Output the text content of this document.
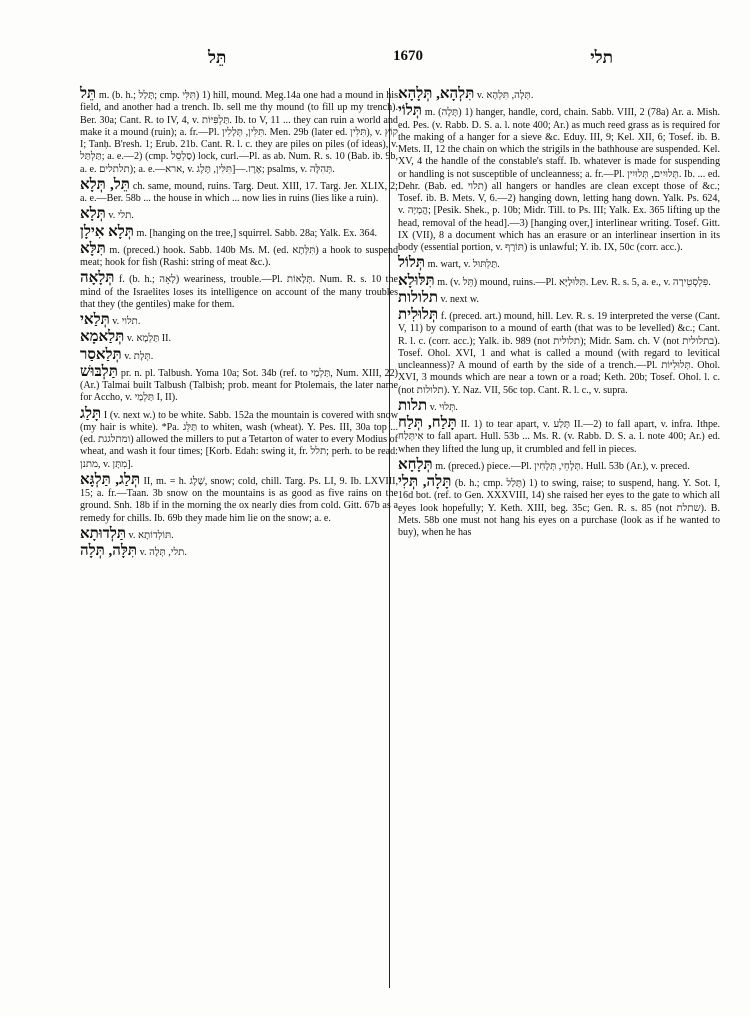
תֵּל	1670	תלי

תֵּל m. (b. h.; תָּלַל; cmp. תִּלִּי) 1) hill, mound. Meg.14a one had a mound in his field, and another had a trench. Ib. sell me thy mound (to fill up my trench). Ber. 30a; Cant. R. to IV, 4, v. תַּלְפִּיּוֹת. Ib. to V, 11 ... they can ruin a world and make it a mound (ruin); a. fr.—Pl. תִּלִּין, תְּלָלִין. Men. 29b (later ed. תִּלִּין), v. קוֹץ I; Tanḥ. B'resh. 1; Erub. 21b. Cant. R. l. c. they are piles on piles (of ideas), v. תַּלְתַּל; a. e.—2) (cmp. סַלְסֵל) lock, curl.—Pl. as ab. Num. R. s. 10 (Bab. ib. 9b, a. e. תלתלים); a. e.—ארא, v. אֶרֶז.—[תִּלִּין, תֶּלֶג; psalms, v. תְּהִלָּה.

תֵּל, תְּלָא ch. same, mound, ruins. Targ. Deut. XIII, 17. Targ. Jer. XLIX, 2; a. e.—Ber. 58b ... the house in which ... now lies in ruins (lies like a ruin).

תְּלָא v. תלי.

תְּלָא אִילָן m. [hanging on the tree,] squirrel. Sabb. 28a; Yalk. Ex. 364.

תִּלָּא m. (preced.) hook. Sabb. 140b Ms. M. (ed. תִּלְּתָא) a hook to suspend meat; hook for fish (Rashi: string of meat &c.).

תְּלָאָה f. (b. h.; לָאָה) weariness, trouble.—Pl. תְּלָאוֹת. Num. R. s. 10 the mind of the Israelites loses its intelligence on account of the many troubles that they (the gentiles) make for them.

תְּלַאי v. תלוי.

תְּלַאמָא v. תַּלְמָא II.

תְּלַאסַר v. תְּלָת.

תַּלְבּוּשׁ pr. n. pl. Talbush. Yoma 10a; Sot. 34b (ref. to תַּלְמַי, Num. XIII, 22) (Ar.) Talmai built Talbush (Talbish; prob. meant for Ptolemais, the later name for Accho, v. תַּלְמַי I, II).

תָּלַג I (v. next w.) to be white. Sabb. 152a the mountain is covered with snow (my hair is white). *Pa. תַּלֵּג to whiten, wash (wheat). Y. Pes. III, 30a top ... (ed. ומתלגגת) allowed the millers to put a Tetarton of water to every Modius of wheat, and wash it four times; [Korb. Edah: swing it, fr. תלל; perh. to be read: מתנן, v. מִתָּן].

תְּלַג, תַּלְגָּא II, m. = h. שֶׁלֶג, snow; cold, chill. Targ. Ps. LI, 9. Ib. LXVIII, 15; a. fr.—Taan. 3b snow on the mountains is as good as five rains on the ground. Snh. 18b if in the morning the ox nearly dies from cold. Gitt. 67b as a remedy for chills. Ib. 69b they made him lie on the snow; a. e.

תַּלְדוּתָא v. תּוֹלְדוֹתָא.

תִּלָּה, תְּלָה v. תלי, תְּלָה.

תִּלְהָא, תְּלָהָא v. תְּלָה, תִּלְהָא.

תְּלוֹי m. (תָּלָה) 1) hanger, handle, cord, chain. Sabb. VIII, 2 (78a) Ar. a. Mish. ed. Pes. (v. Rabb. D. S. a. l. note 400; Ar.) as much reed grass as is required for the making of a hanger for a sieve &c. Eduy. III, 9; Kel. XII, 6; Tosef. ib. B. Mets. II, 12 the chain on which the strigils in the bathhouse are suspended. Kel. XV, 4 the handle of the constable's staff. Ib. whatever is made for suspending or handling is not susceptible of uncleanness; a. fr.—Pl. תְּלוּיִים, תְּלוּיִין. Ib. ... ed. Dehr. (Bab. ed. תלוי) all hangers or handles are clean except those of &c.; Tosef. ib. B. Mets. V, 6.—2) hanging down, letting hang down. Yalk. Ps. 624, v. הֲמָיָה; [Pesik. Shek., p. 10b; Midr. Till. to Ps. III; Yalk. Ex. 365 lifting up the head, removal of the head].—3) [hanging over,] interlinear writing. Tosef. Gitt. IX (VII), 8 a document which has an erasure or an interlinear insertion in its body (essential portion, v. תּוֹרֶף) is unlawful; Y. ib. IX, 50c (corr. acc.).

תְּלוֹל m. wart, v. תַּלְתּוּל.

תִּלּוּלָא m. (v. תֵּל) mound, ruins.—Pl. תִּלּוּלַיָּא. Lev. R. s. 5, a. e., v. פִּלְסְטֵירָה.

תלולות v. next w.

תְּלוּלִית f. (preced. art.) mound, hill. Lev. R. s. 19 interpreted the verse (Cant. V, 11) by comparison to a mound of earth (that was to be levelled) &c.; Cant. R. l. c. (corr. acc.); Yalk. ib. 989 (not תלולית); Midr. Sam. ch. V (not בתלולית). Tosef. Ohol. XVI, 1 and what is called a mound (with regard to levitical uncleanness)? A mound of earth by the side of a trench.—Pl. תְּלוּלִיּוֹת. Ohol. XVI, 3 mounds which are near a town or a road; Keth. 20b; Tosef. Ohol. l. c. (not תלולות). Y. Naz. VII, 56c top. Cant. R. l. c., v. supra.

תלות v. תְּלוּי.

תָּלַח, תְּלַח II. 1) to tear apart, v. תָּלַע II.—2) to fall apart, v. infra. Ithpe. אִיתְּלַח to fall apart. Hull. 53b ... Ms. R. (v. Rabb. D. S. a. l. note 400; Ar.) ed. when they lifted the lung up, it crumbled and fell in pieces.

תְּלָחָא m. (preced.) piece.—Pl. תְּלָחֵי, תְּלָחִין. Hull. 53b (Ar.), v. preced.

תָּלָה, תְּלִי (b. h.; cmp. תָּלַל) 1) to swing, raise; to suspend, hang. Y. Sot. I, 16d bot. (ref. to Gen. XXXVIII, 14) she raised her eyes to the gate to which all eyes look hopefully; Y. Keth. XIII, beg. 35c; Gen. R. s. 85 (not שתלת). B. Mets. 58b one must not hang his eyes on a purchase (look as if he wanted to buy), when he has
